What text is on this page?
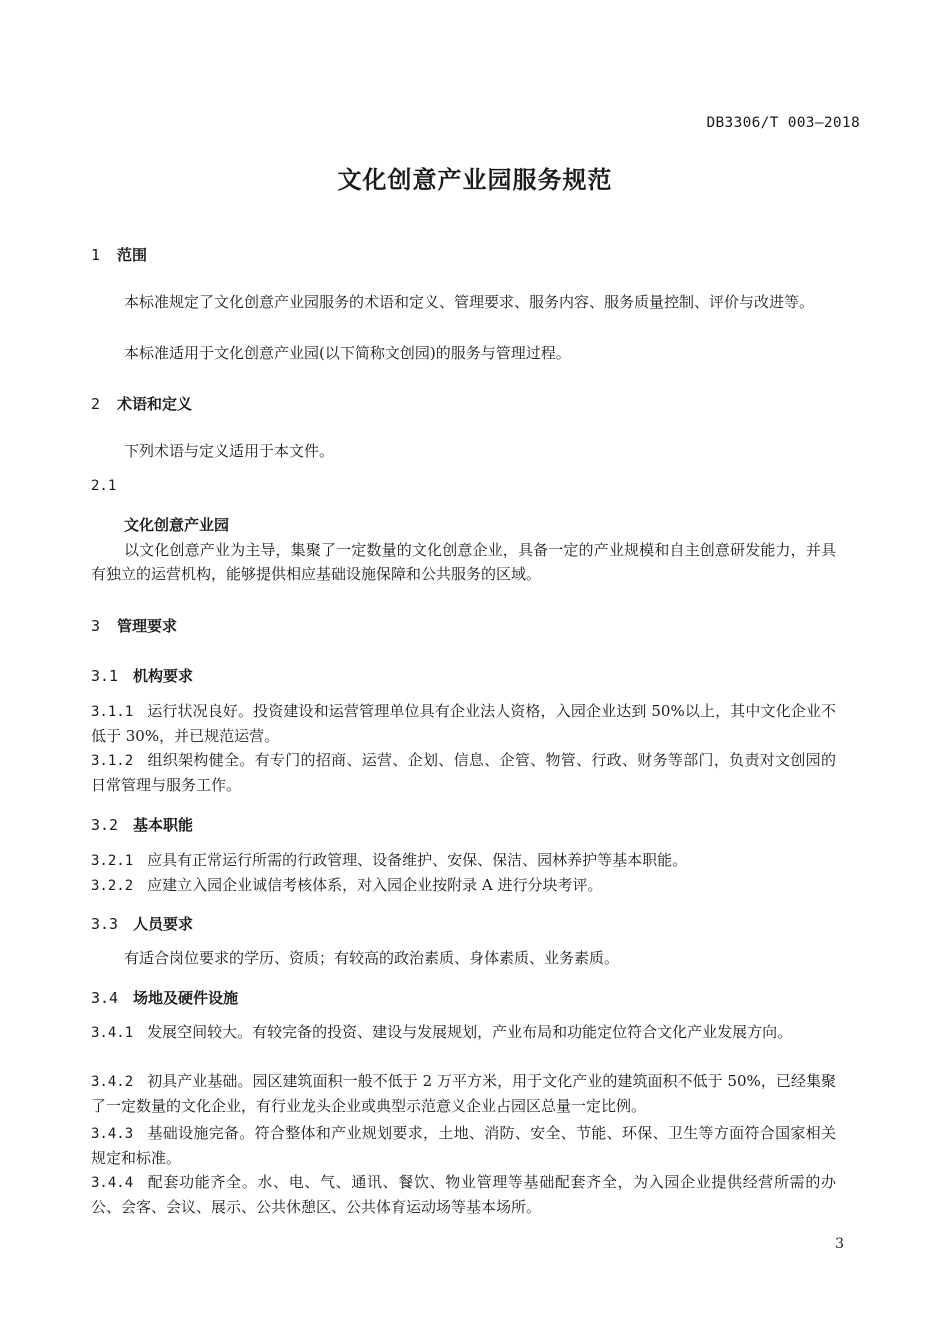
DB3306/T 003—2018
文化创意产业园服务规范
1 范围
本标准规定了文化创意产业园服务的术语和定义、管理要求、服务内容、服务质量控制、评价与改进等。
本标准适用于文化创意产业园(以下简称文创园)的服务与管理过程。
2 术语和定义
下列术语与定义适用于本文件。
2.1
文化创意产业园
以文化创意产业为主导，集聚了一定数量的文化创意企业，具备一定的产业规模和自主创意研发能力，并具有独立的运营机构，能够提供相应基础设施保障和公共服务的区域。
3 管理要求
3.1 机构要求
3.1.1 运行状况良好。投资建设和运营管理单位具有企业法人资格，入园企业达到 50%以上，其中文化企业不低于 30%，并已规范运营。
3.1.2 组织架构健全。有专门的招商、运营、企划、信息、企管、物管、行政、财务等部门，负责对文创园的日常管理与服务工作。
3.2 基本职能
3.2.1 应具有正常运行所需的行政管理、设备维护、安保、保洁、园林养护等基本职能。
3.2.2 应建立入园企业诚信考核体系，对入园企业按附录 A 进行分块考评。
3.3 人员要求
有适合岗位要求的学历、资质；有较高的政治素质、身体素质、业务素质。
3.4 场地及硬件设施
3.4.1 发展空间较大。有较完备的投资、建设与发展规划，产业布局和功能定位符合文化产业发展方向。
3.4.2 初具产业基础。园区建筑面积一般不低于 2 万平方米，用于文化产业的建筑面积不低于 50%，已经集聚了一定数量的文化企业，有行业龙头企业或典型示范意义企业占园区总量一定比例。
3.4.3 基础设施完备。符合整体和产业规划要求，土地、消防、安全、节能、环保、卫生等方面符合国家相关规定和标准。
3.4.4 配套功能齐全。水、电、气、通讯、餐饮、物业管理等基础配套齐全，为入园企业提供经营所需的办公、会客、会议、展示、公共休憩区、公共体育运动场等基本场所。
3
